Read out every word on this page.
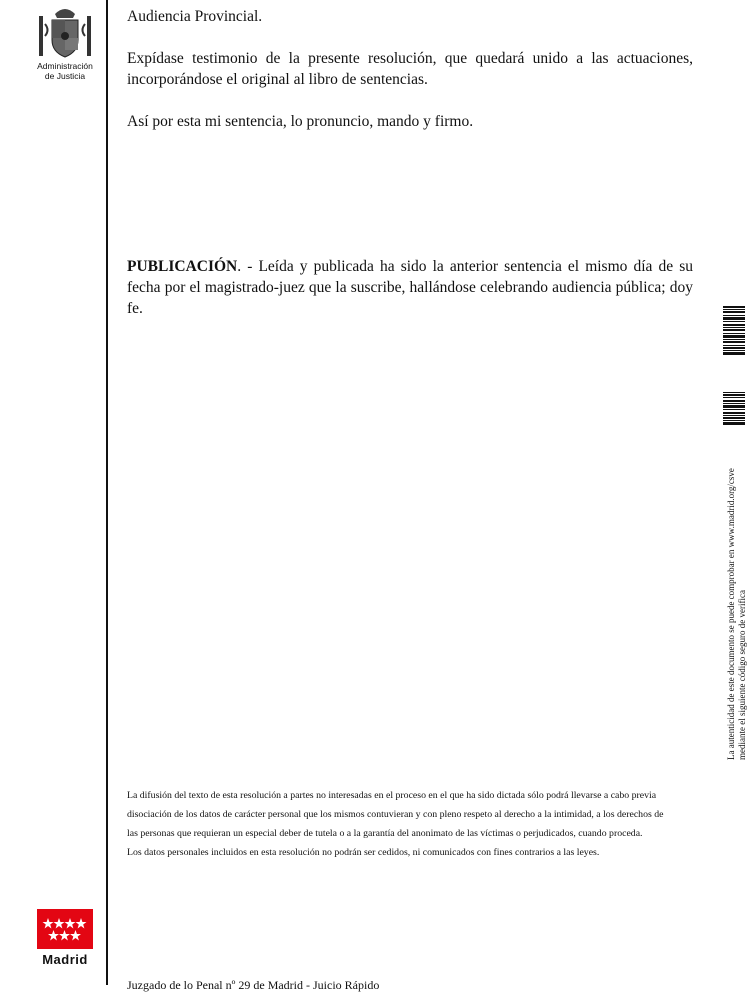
Administración
de Justicia
Madrid

Audiencia Provincial.

Expídase testimonio de la presente resolución, que quedará unido a las actuaciones, incorporándose el original al libro de sentencias.

Así por esta mi sentencia, lo pronuncio, mando y firmo.

PUBLICACIÓN. - Leída y publicada ha sido la anterior sentencia el mismo día de su fecha por el magistrado-juez que la suscribe, hallándose celebrando audiencia pública; doy fe.

La difusión del texto de esta resolución a partes no interesadas en el proceso en el que ha sido dictada sólo podrá llevarse a cabo previa
disociación de los datos de carácter personal que los mismos contuvieran y con pleno respeto al derecho a la intimidad, a los derechos de
las personas que requieran un especial deber de tutela o a la garantía del anonimato de las víctimas o perjudicados, cuando proceda.
Los datos personales incluidos en esta resolución no podrán ser cedidos, ni comunicados con fines contrarios a las leyes.
Juzgado de lo Penal nº 29 de Madrid - Juicio Rápido
La autenticidad de este documento se puede comprobar en www.madrid.org/csve mediante el siguiente código seguro de verifica
